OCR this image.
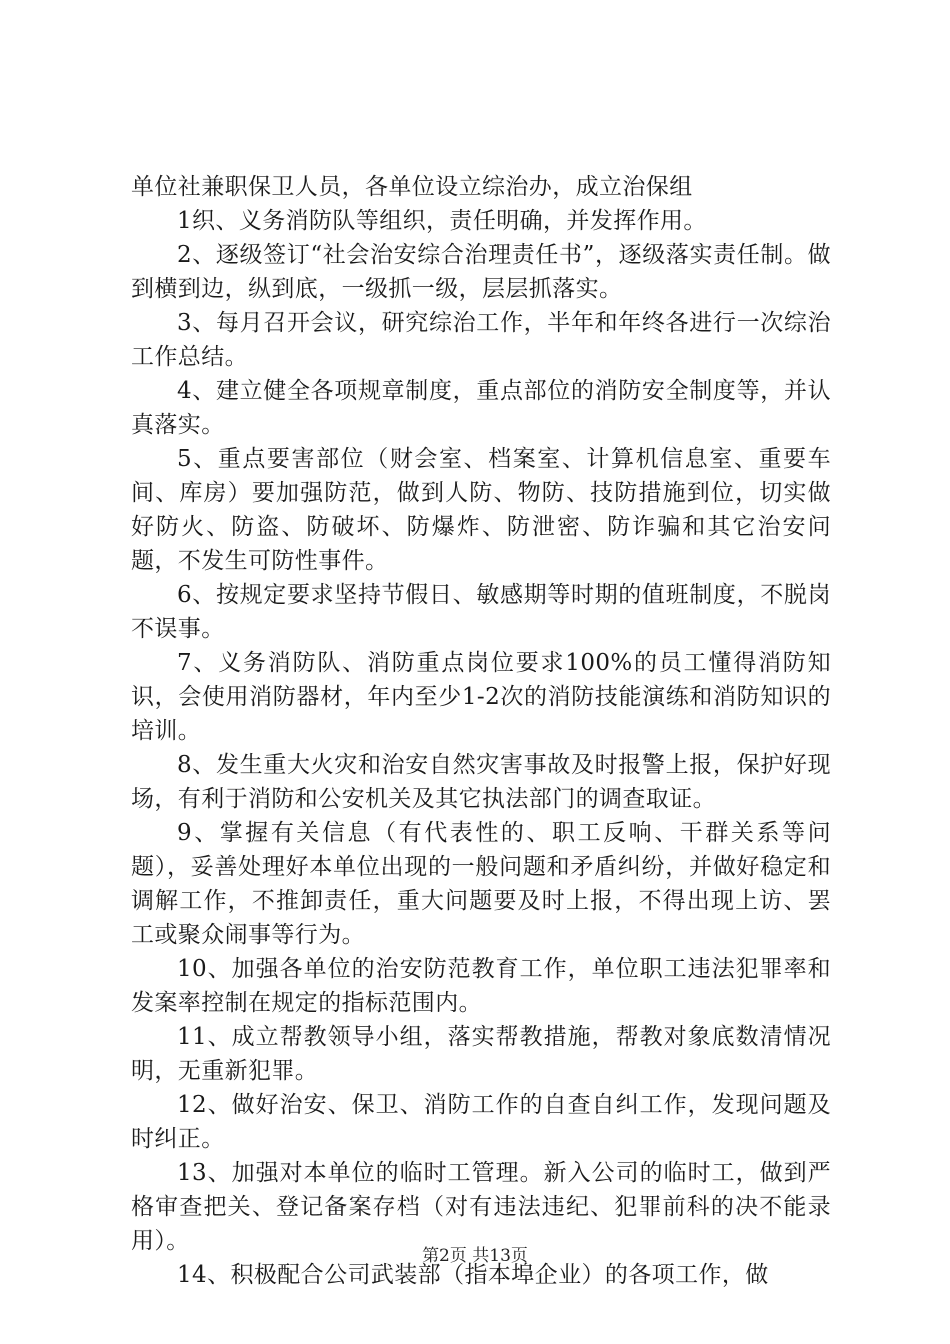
单位社兼职保卫人员，各单位设立综治办，成立治保组

1织、义务消防队等组织，责任明确，并发挥作用。

2、逐级签订“社会治安综合治理责任书”，逐级落实责任制。做到横到边，纵到底，一级抓一级，层层抓落实。

3、每月召开会议，研究综治工作，半年和年终各进行一次综治工作总结。

4、建立健全各项规章制度，重点部位的消防安全制度等，并认真落实。

5、重点要害部位（财会室、档案室、计算机信息室、重要车间、库房）要加强防范，做到人防、物防、技防措施到位，切实做好防火、防盗、防破坏、防爆炸、防泄密、防诈骗和其它治安问题，不发生可防性事件。

6、按规定要求坚持节假日、敏感期等时期的值班制度，不脱岗不误事。

7、义务消防队、消防重点岗位要求100%的员工懂得消防知识，会使用消防器材，年内至少1-2次的消防技能演练和消防知识的培训。

8、发生重大火灾和治安自然灾害事故及时报警上报，保护好现场，有利于消防和公安机关及其它执法部门的调查取证。

9、掌握有关信息（有代表性的、职工反响、干群关系等问题），妥善处理好本单位出现的一般问题和矛盾纠纷，并做好稳定和调解工作，不推卸责任，重大问题要及时上报，不得出现上访、罢工或聚众闹事等行为。

10、加强各单位的治安防范教育工作，单位职工违法犯罪率和发案率控制在规定的指标范围内。

11、成立帮教领导小组，落实帮教措施，帮教对象底数清情况明，无重新犯罪。

12、做好治安、保卫、消防工作的自查自纠工作，发现问题及时纠正。

13、加强对本单位的临时工管理。新入公司的临时工，做到严格审查把关、登记备案存档（对有违法违纪、犯罪前科的决不能录用）。

14、积极配合公司武装部（指本埠企业）的各项工作，做

第2页 共13页
